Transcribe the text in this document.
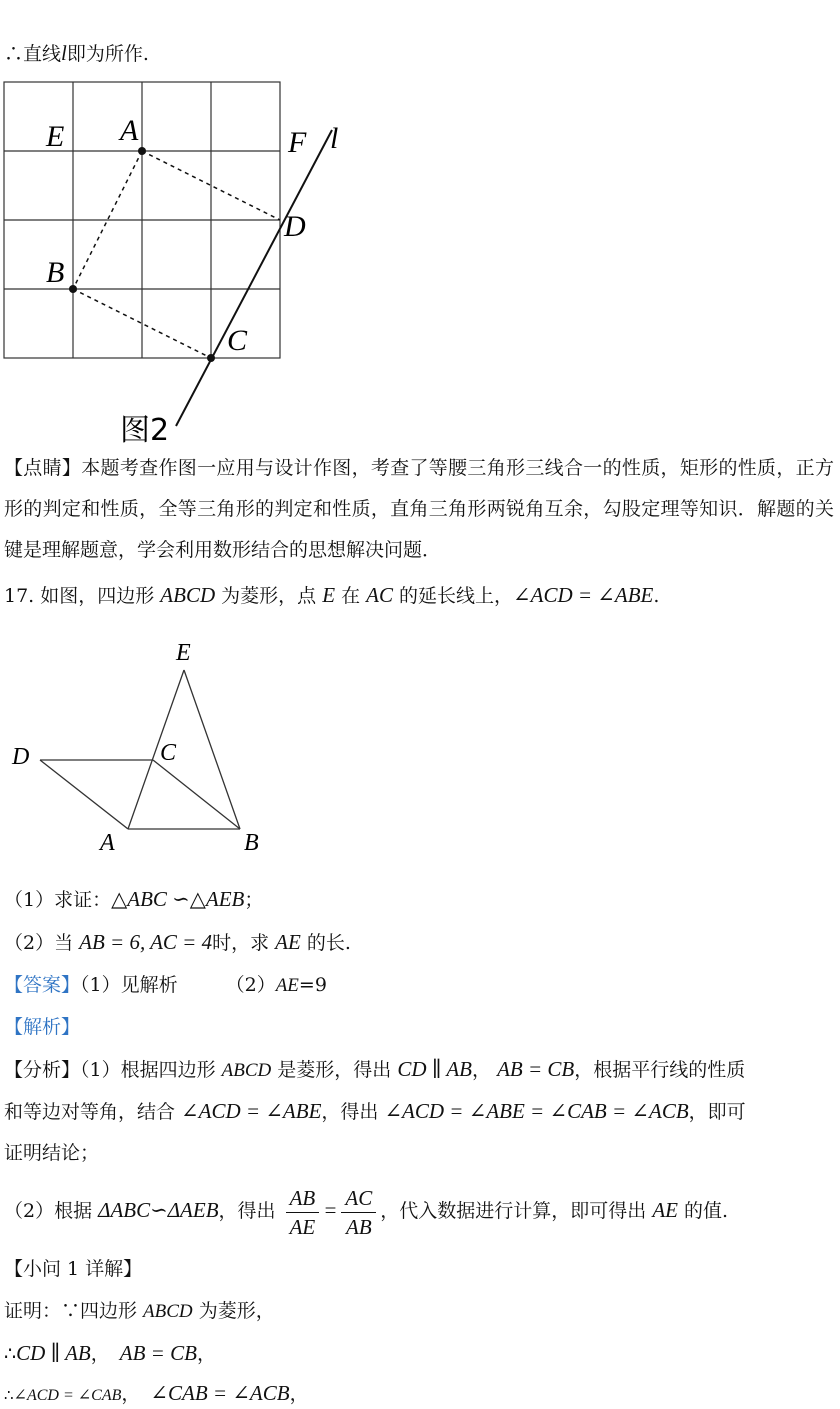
∴直线l即为所作.
E A	F l
D
B
C
图2
【点睛】本题考查作图一应用与设计作图，考查了等腰三角形三线合一的性质，矩形的性质，正方形的判定和性质，全等三角形的判定和性质，直角三角形两锐角互余，勾股定理等知识．解题的关键是理解题意，学会利用数形结合的思想解决问题．
17. 如图，四边形 ABCD 为菱形，点 E 在 AC 的延长线上，∠ACD = ∠ABE.
E
D	C
A	B
（1）求证：△ABC ∽△AEB；
（2）当 AB = 6, AC = 4时，求 AE 的长.
【答案】（1）见解析	（2）AE=9
【解析】
【分析】（1）根据四边形 ABCD 是菱形，得出 CD ∥ AB， AB = CB，根据平行线的性质
和等边对等角，结合 ∠ACD = ∠ABE，得出 ∠ACD = ∠ABE = ∠CAB = ∠ACB，即可
证明结论；
（2）根据 ΔABC∽ΔAEB，得出 $\frac{AB}{AE} = \frac{AC}{AB}$ ，代入数据进行计算，即可得出 AE 的值.
【小问 1 详解】
证明：∵四边形 ABCD 为菱形，
∴CD ∥ AB， AB = CB，
∴∠ACD = ∠CAB， ∠CAB = ∠ACB，
